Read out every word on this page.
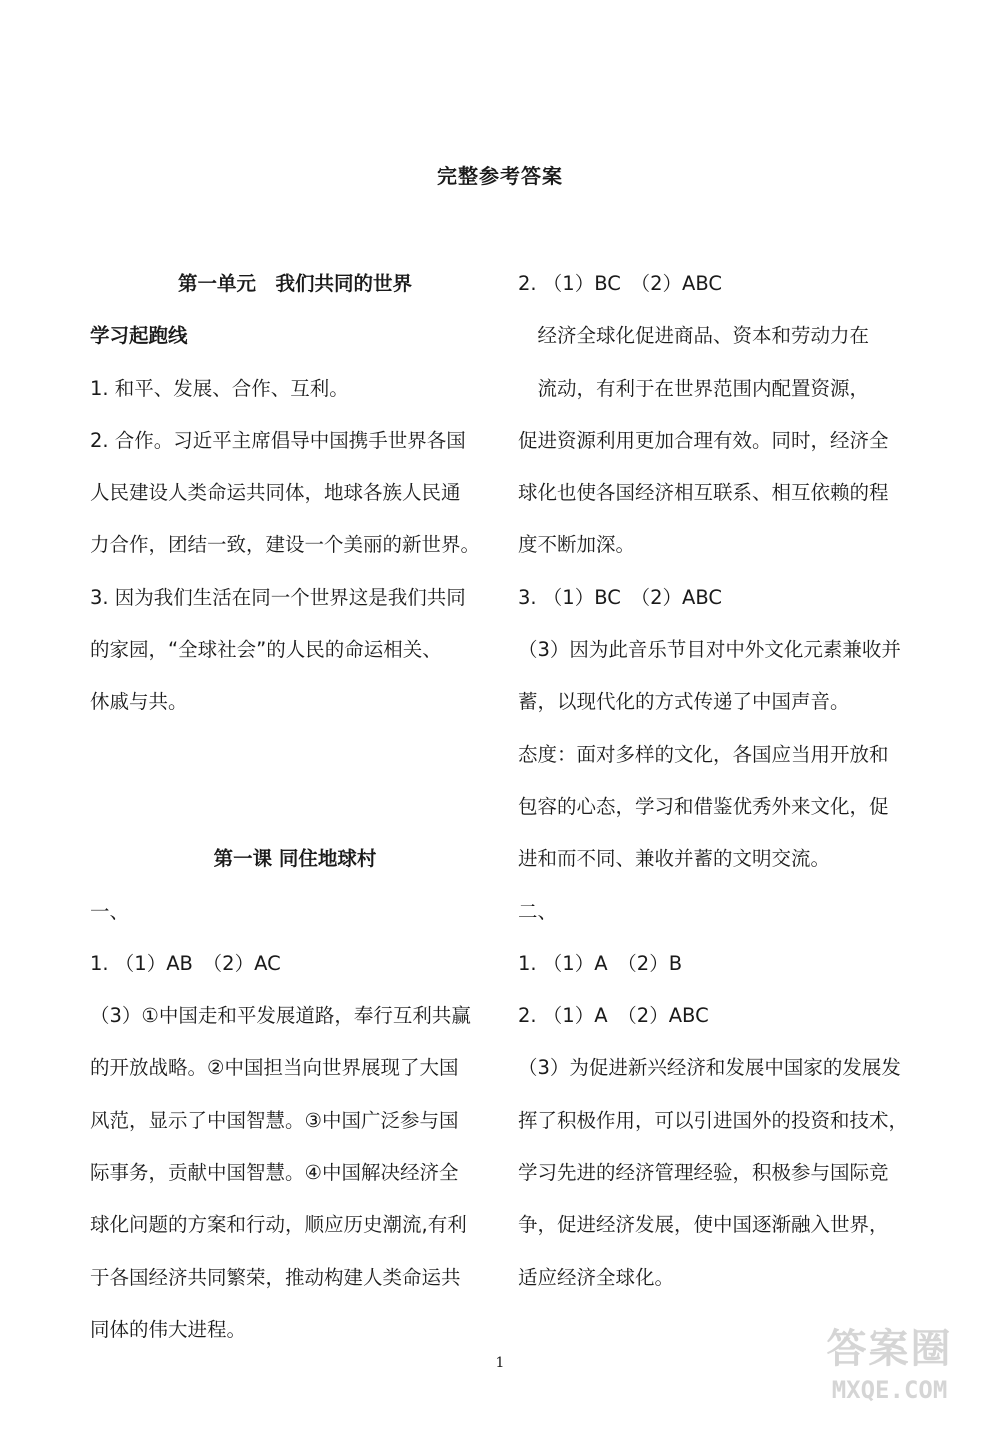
完整参考答案
第一单元　我们共同的世界
学习起跑线
1. 和平、发展、合作、互利。
2. 合作。习近平主席倡导中国携手世界各国
人民建设人类命运共同体，地球各族人民通
力合作，团结一致，建设一个美丽的新世界。
3. 因为我们生活在同一个世界这是我们共同
的家园，“全球社会”的人民的命运相关、
休戚与共。
第一课 同住地球村
一、
1. （1）AB　（2）AC
（3）①中国走和平发展道路，奉行互利共赢
的开放战略。②中国担当向世界展现了大国
风范，显示了中国智慧。③中国广泛参与国
际事务，贡献中国智慧。④中国解决经济全
球化问题的方案和行动，顺应历史潮流,有利
于各国经济共同繁荣，推动构建人类命运共
同体的伟大进程。
2. （1）BC　（2）ABC
　经济全球化促进商品、资本和劳动力在
　流动，有利于在世界范围内配置资源，
促进资源利用更加合理有效。同时，经济全
球化也使各国经济相互联系、相互依赖的程
度不断加深。
3. （1）BC　（2）ABC
（3）因为此音乐节目对中外文化元素兼收并
蓄，以现代化的方式传递了中国声音。
态度：面对多样的文化，各国应当用开放和
包容的心态，学习和借鉴优秀外来文化，促
进和而不同、兼收并蓄的文明交流。
二、
1. （1）A　（2）B
2. （1）A　（2）ABC
（3）为促进新兴经济和发展中国家的发展发
挥了积极作用，可以引进国外的投资和技术，
学习先进的经济管理经验，积极参与国际竞
争，促进经济发展，使中国逐渐融入世界，
适应经济全球化。
1	答案圈
MXQE.COM
